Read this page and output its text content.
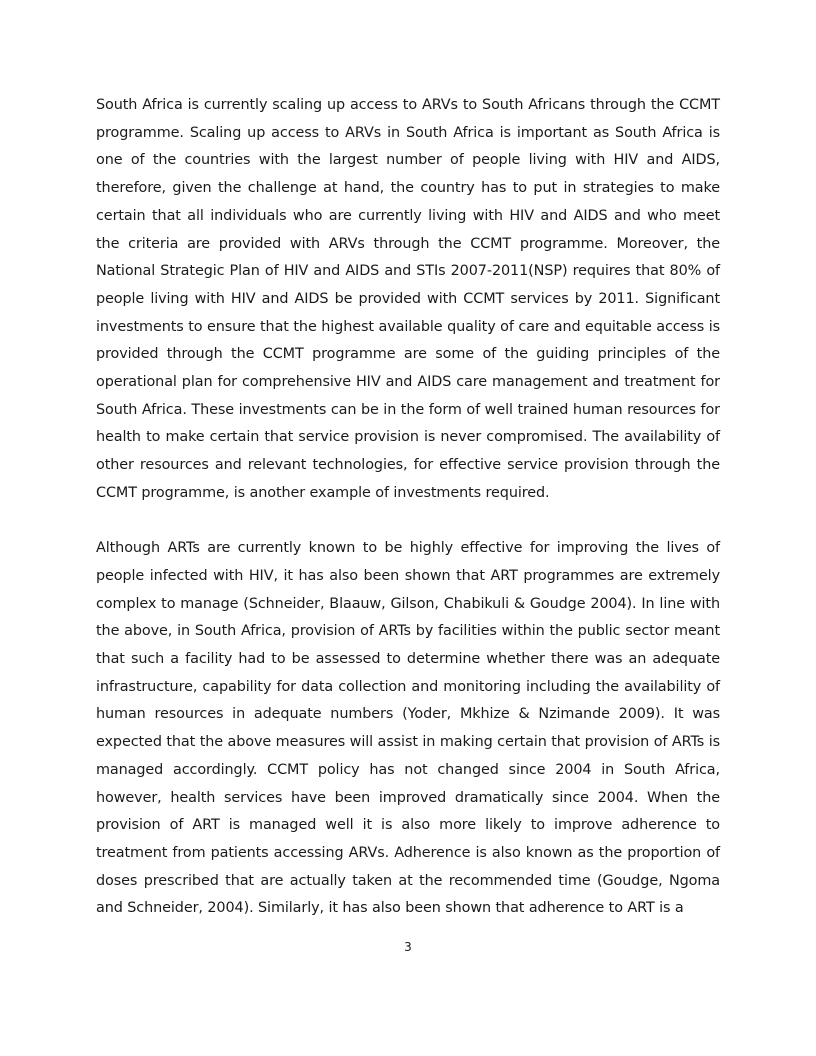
South Africa is currently scaling up access to ARVs to South Africans through the CCMT programme. Scaling up access to ARVs in South Africa is important as South Africa is one of the countries with the largest number of people living with HIV and AIDS, therefore, given the challenge at hand, the country has to put in strategies to make certain that all individuals who are currently living with HIV and AIDS and who meet the criteria are provided with ARVs through the CCMT programme. Moreover, the National Strategic Plan of HIV and AIDS and STIs 2007-2011(NSP) requires that 80% of people living with HIV and AIDS be provided with CCMT services by 2011. Significant investments to ensure that the highest available quality of care and equitable access is provided through the CCMT programme are some of the guiding principles of the operational plan for comprehensive HIV and AIDS care management and treatment for South Africa. These investments can be in the form of well trained human resources for health to make certain that service provision is never compromised. The availability of other resources and relevant technologies, for effective service provision through the CCMT programme, is another example of investments required.

Although ARTs are currently known to be highly effective for improving the lives of people infected with HIV, it has also been shown that ART programmes are extremely complex to manage (Schneider, Blaauw, Gilson, Chabikuli & Goudge 2004). In line with the above, in South Africa, provision of ARTs by facilities within the public sector meant that such a facility had to be assessed to determine whether there was an adequate infrastructure, capability for data collection and monitoring including the availability of human resources in adequate numbers (Yoder, Mkhize & Nzimande 2009). It was expected that the above measures will assist in making certain that provision of ARTs is managed accordingly. CCMT policy has not changed since 2004 in South Africa, however, health services have been improved dramatically since 2004. When the provision of ART is managed well it is also more likely to improve adherence to treatment from patients accessing ARVs. Adherence is also known as the proportion of doses prescribed that are actually taken at the recommended time (Goudge, Ngoma and Schneider, 2004). Similarly, it has also been shown that adherence to ART is a

3
